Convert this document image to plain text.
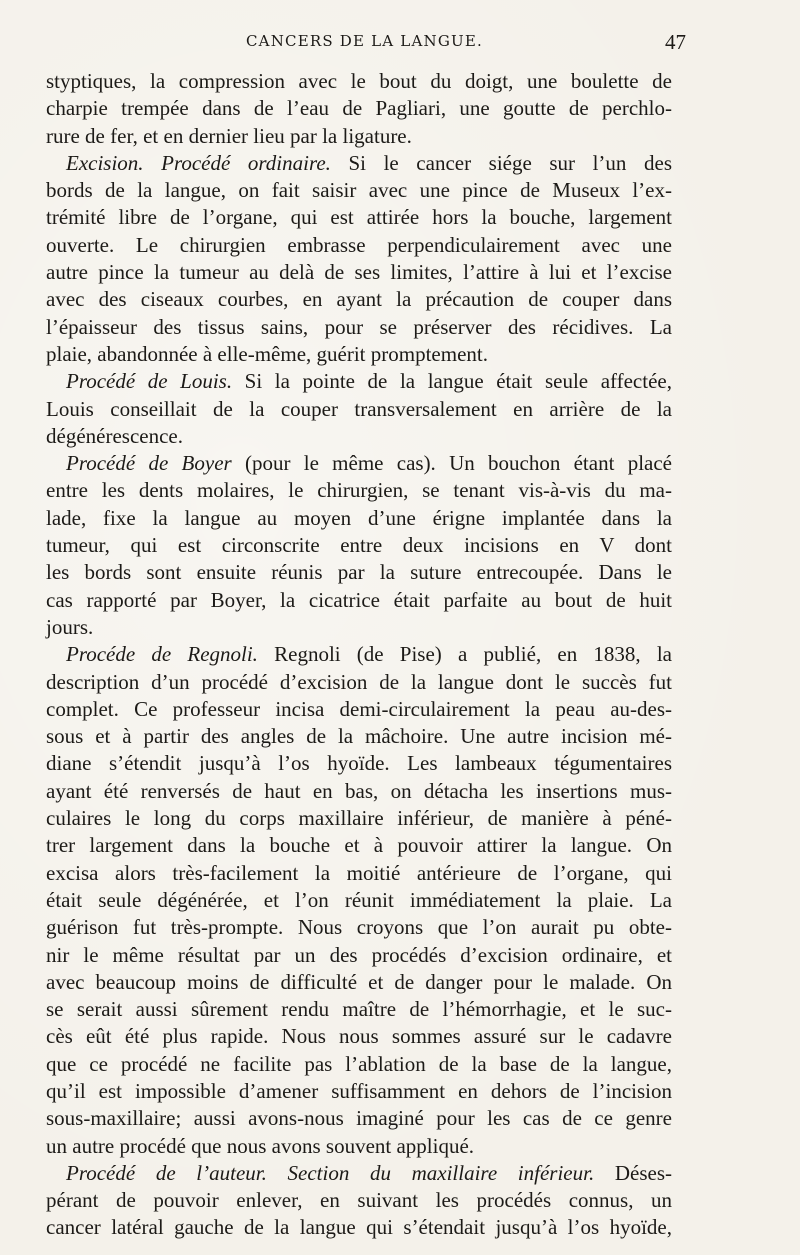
CANCERS DE LA LANGUE.	47
styptiques, la compression avec le bout du doigt, une boulette de
charpie trempée dans de l’eau de Pagliari, une goutte de perchlo-
rure de fer, et en dernier lieu par la ligature.
Excision. Procédé ordinaire. Si le cancer siége sur l’un des
bords de la langue, on fait saisir avec une pince de Museux l’ex-
trémité libre de l’organe, qui est attirée hors la bouche, largement
ouverte. Le chirurgien embrasse perpendiculairement avec une
autre pince la tumeur au delà de ses limites, l’attire à lui et l’excise
avec des ciseaux courbes, en ayant la précaution de couper dans
l’épaisseur des tissus sains, pour se préserver des récidives. La
plaie, abandonnée à elle-même, guérit promptement.
Procédé de Louis. Si la pointe de la langue était seule affectée,
Louis conseillait de la couper transversalement en arrière de la
dégénérescence.
Procédé de Boyer (pour le même cas). Un bouchon étant placé
entre les dents molaires, le chirurgien, se tenant vis-à-vis du ma-
lade, fixe la langue au moyen d’une érigne implantée dans la
tumeur, qui est circonscrite entre deux incisions en V dont
les bords sont ensuite réunis par la suture entrecoupée. Dans le
cas rapporté par Boyer, la cicatrice était parfaite au bout de huit
jours.
Procéde de Regnoli. Regnoli (de Pise) a publié, en 1838, la
description d’un procédé d’excision de la langue dont le succès fut
complet. Ce professeur incisa demi-circulairement la peau au-des-
sous et à partir des angles de la mâchoire. Une autre incision mé-
diane s’étendit jusqu’à l’os hyoïde. Les lambeaux tégumentaires
ayant été renversés de haut en bas, on détacha les insertions mus-
culaires le long du corps maxillaire inférieur, de manière à péné-
trer largement dans la bouche et à pouvoir attirer la langue. On
excisa alors très-facilement la moitié antérieure de l’organe, qui
était seule dégénérée, et l’on réunit immédiatement la plaie. La
guérison fut très-prompte. Nous croyons que l’on aurait pu obte-
nir le même résultat par un des procédés d’excision ordinaire, et
avec beaucoup moins de difficulté et de danger pour le malade. On
se serait aussi sûrement rendu maître de l’hémorrhagie, et le suc-
cès eût été plus rapide. Nous nous sommes assuré sur le cadavre
que ce procédé ne facilite pas l’ablation de la base de la langue,
qu’il est impossible d’amener suffisamment en dehors de l’incision
sous-maxillaire; aussi avons-nous imaginé pour les cas de ce genre
un autre procédé que nous avons souvent appliqué.
Procédé de l’auteur. Section du maxillaire inférieur. Déses-
pérant de pouvoir enlever, en suivant les procédés connus, un
cancer latéral gauche de la langue qui s’étendait jusqu’à l’os hyoïde,
